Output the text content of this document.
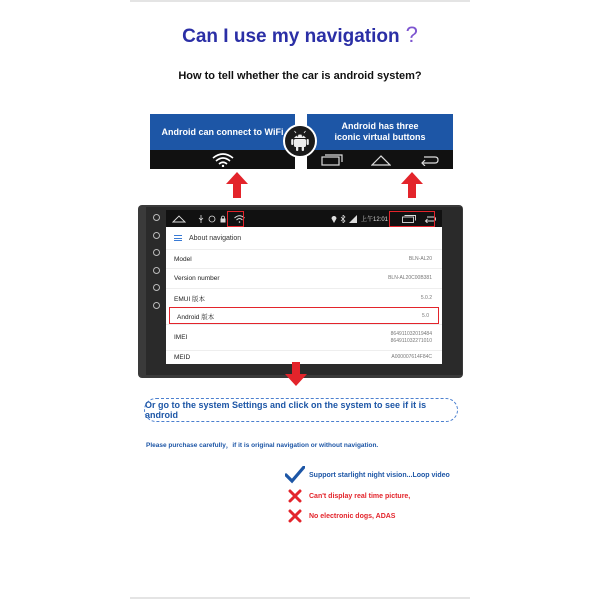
Can I use my navigation ?
How to tell whether the car is android system?
Android can connect to WiFi
Android has three iconic virtual buttons
上午12:01
About navigation
Model	BLN-AL20
Version number	BLN-AL20C00B381
EMUI 版本	5.0.2
Android 版本	5.0
IMEI
864911032019484
864911032271010
MEID	A000007614F84C
Or go to the system Settings and click on the system to see if it is android
Please purchase carefully，if it is original navigation or without navigation.
Support starlight night vision...Loop video
Can't display real time picture,
No electronic dogs, ADAS
